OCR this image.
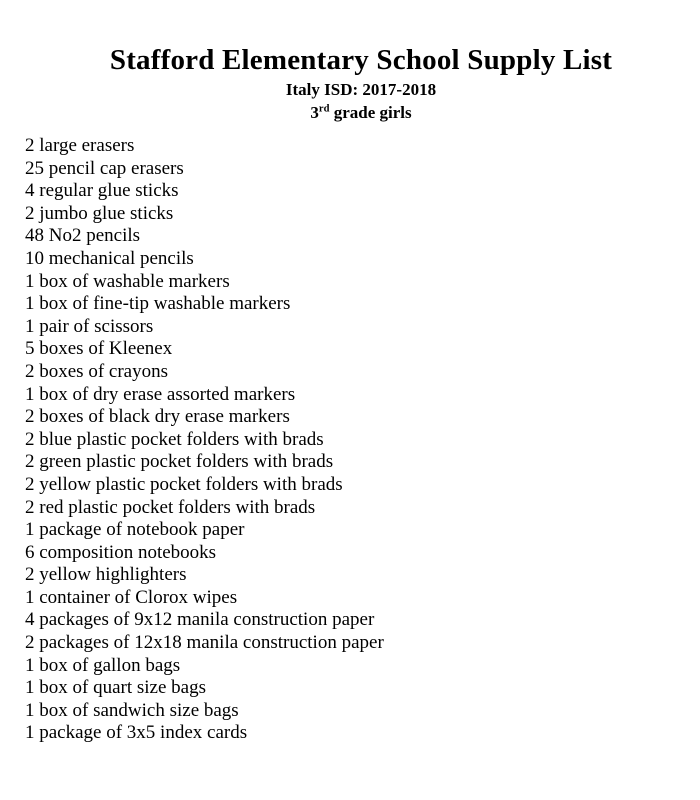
Stafford Elementary School Supply List
Italy ISD: 2017-2018
3rd grade girls
2 large erasers
25 pencil cap erasers
4 regular glue sticks
2 jumbo glue sticks
48 No2 pencils
10 mechanical pencils
1 box of washable markers
1 box of fine-tip washable markers
1 pair of scissors
5 boxes of Kleenex
2 boxes of crayons
1 box of dry erase assorted markers
2 boxes of black dry erase markers
2 blue plastic pocket folders with brads
2 green plastic pocket folders with brads
2 yellow plastic pocket folders with brads
2 red plastic pocket folders with brads
1 package of notebook paper
6 composition notebooks
2 yellow highlighters
1 container of Clorox wipes
4 packages of 9x12 manila construction paper
2 packages of 12x18 manila construction paper
1 box of gallon bags
1 box of quart size bags
1 box of sandwich size bags
1 package of 3x5 index cards
